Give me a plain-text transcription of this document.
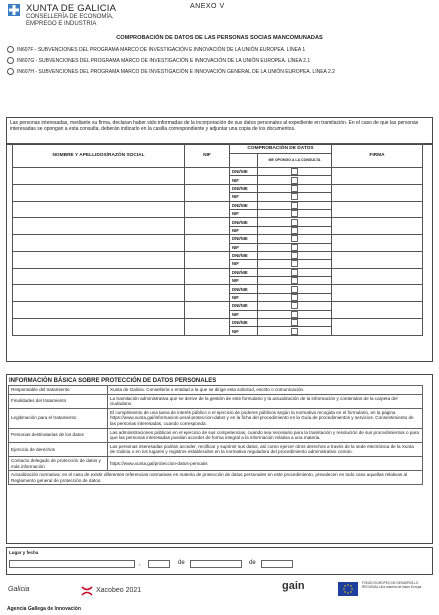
XUNTA DE GALICIA
CONSELLERÍA DE ECONOMÍA,
EMPREGO E INDUSTRIA
ANEXO V
COMPROBACIÓN DE DATOS DE LAS PERSONAS SOCIAS MANCOMUNADAS
IN607F - SUBVENCIONES DEL PROGRAMA MARCO DE INVESTIGACIÓN E INNOVACIÓN DE LA UNIÓN EUROPEA. LÍNEA 1
IN607G - SUBVENCIONES DEL PROGRAMA MARCO DE INVESTIGACIÓN E INNOVACIÓN DE LA UNIÓN EUROPEA. LÍNEA 2.1
IN607H - SUBVENCIONES DEL PROGRAMA MARCO DE INVESTIGACIÓN E INNOVACIÓN GENERAL DE LA UNIÓN EUROPEA. LÍNEA 2.2
Las personas interesadas, mediante su firma, declaran haber sido informadas de la incorporación de sus datos personales al expediente en tramitación. En el caso de que las personas interesadas se opongan a esta consulta, deberán indicarlo en la casilla correspondiente y adjuntar una copia de los documentos.
NOMBRE Y APELLIDOS/RAZÓN SOCIAL	NIF	COMPROBACIÓN DE DATOS		FIRMA
			ME OPONGO A LA CONSULTA	
		DNI/NIE	

		NIF		

		DNI/NIE	

		NIF		

		DNI/NIE	

		NIF		

		DNI/NIE	

		NIF		

		DNI/NIE	

		NIF		

		DNI/NIE	

		NIF		

		DNI/NIE	

		NIF		

		DNI/NIE	

		NIF		

		DNI/NIE	

		NIF		

		DNI/NIE	

		NIF		
INFORMACIÓN BÁSICA SOBRE PROTECCIÓN DE DATOS PERSONALES
Responsable del tratamiento	Xunta de Galicia. Consellería o entidad a la que se dirige esta solicitud, escrito o comunicación.
Finalidades del tratamiento	La tramitación administrativa que se derive de la gestión de este formulario y la actualización de la información y contenidos de la carpeta del ciudadano.
Legitimación para el tratamiento	El cumplimiento de una tarea de interés público o el ejercicio de poderes públicos según la normativa recogida en el formulario, en la página https://www.xunta.gal/informacion-xeral-proteccion-datos y en la ficha del procedimiento en la Guía de procedimientos y servicios. Consentimiento de las personas interesadas, cuando corresponda.
Personas destinatarias de los datos	Las administraciones públicas en el ejercicio de sus competencias, cuando sea necesario para la tramitación y resolución de sus procedimientos o para que las personas interesadas puedan acceder de forma integral a la información relativa a una materia.
Ejercicio de derechos	Las personas interesadas podrán acceder, rectificar y suprimir sus datos, así como ejercer otros derechos a través de la sede electrónica de la Xunta de Galicia o en los lugares y registros establecidos en la normativa reguladora del procedimiento administrativo común.
Contacto delegado de protección de datos y más información	https://www.xunta.gal/proteccion-datos-persoais
Actualización normativa: en el caso de existir diferentes referencias normativas en materia de protección de datos personales en este procedimiento, prevalecen en todo caso aquellas relativas al Reglamento general de protección de datos.	
Lugar y fecha
,	de	de
Galicia	Xacobeo 2021	gain	FONDO EUROPEO DE DESARROLLO REGIONAL Una manera de hacer Europa
Agencia Gallega de Innovación
